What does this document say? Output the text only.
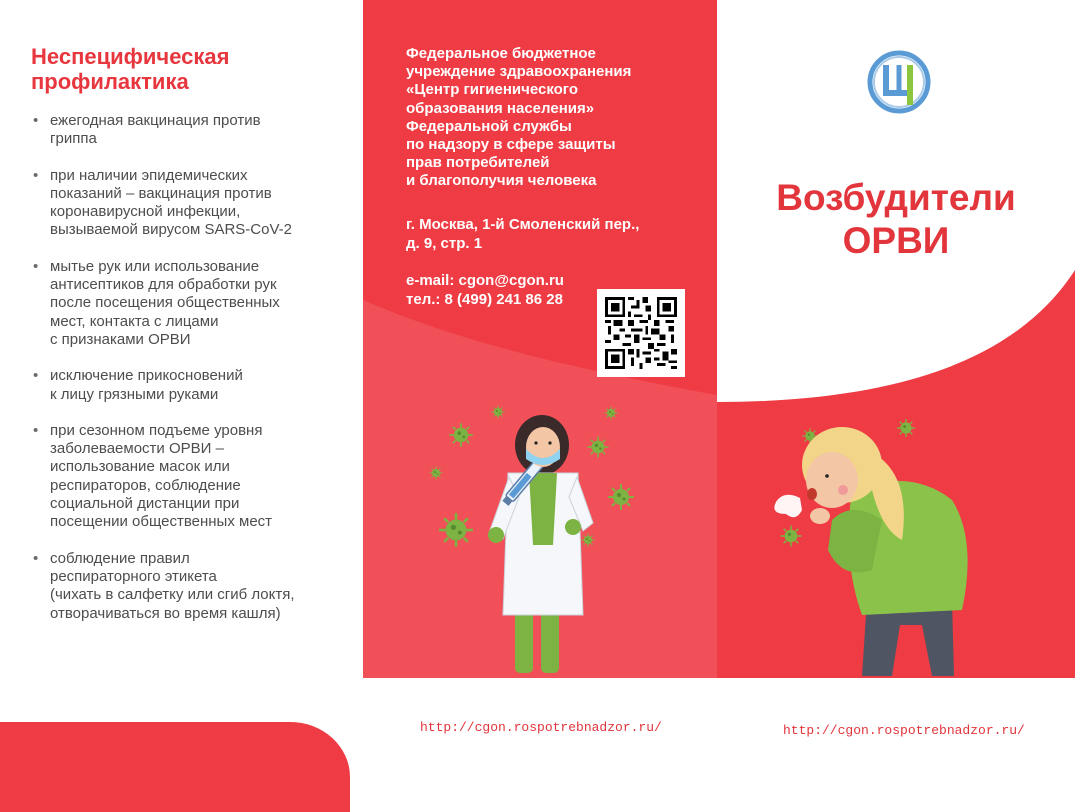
Неспецифическая
профилактика
• ежегодная вакцинация против
гриппа
• при наличии эпидемических
показаний – вакцинация против
коронавирусной инфекции,
вызываемой вирусом SARS-CoV-2
• мытье рук или использование
антисептиков для обработки рук
после посещения общественных
мест, контакта с лицами
с признаками ОРВИ
• исключение прикосновений
к лицу грязными руками
• при сезонном подъеме уровня
заболеваемости ОРВИ –
использование масок или
респираторов, соблюдение
социальной дистанции при
посещении общественных мест
• соблюдение правил
респираторного этикета
(чихать в салфетку или сгиб локтя,
отворачиваться во время кашля)
Федеральное бюджетное
учреждение здравоохранения
«Центр гигиенического
образования населения»
Федеральной службы
по надзору в сфере защиты
прав потребителей
и благополучия человека
г. Москва, 1-й Смоленский пер.,
д. 9, стр. 1
e-mail: cgon@cgon.ru
тел.: 8 (499) 241 86 28
Возбудители
ОРВИ
http://cgon.rospotrebnadzor.ru/	http://cgon.rospotrebnadzor.ru/
